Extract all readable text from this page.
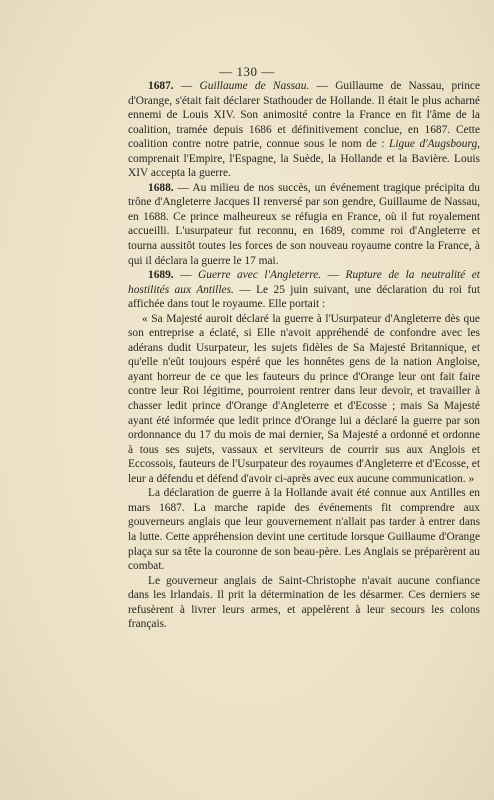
— 130 —

1687. — Guillaume de Nassau. — Guillaume de Nassau, prince d'Orange, s'était fait déclarer Stathouder de Hollande. Il était le plus acharné ennemi de Louis XIV. Son animosité contre la France en fit l'âme de la coalition, tramée depuis 1686 et définitivement conclue, en 1687. Cette coalition contre notre patrie, connue sous le nom de : Ligue d'Augsbourg, comprenait l'Empire, l'Espagne, la Suède, la Hollande et la Bavière. Louis XIV accepta la guerre.

1688. — Au milieu de nos succès, un événement tragique précipita du trône d'Angleterre Jacques II renversé par son gendre, Guillaume de Nassau, en 1688. Ce prince malheureux se réfugia en France, où il fut royalement accueilli. L'usurpateur fut reconnu, en 1689, comme roi d'Angleterre et tourna aussitôt toutes les forces de son nouveau royaume contre la France, à qui il déclara la guerre le 17 mai.

1689. — Guerre avec l'Angleterre. — Rupture de la neutralité et hostilités aux Antilles. — Le 25 juin suivant, une déclaration du roi fut affichée dans tout le royaume. Elle portait :

« Sa Majesté auroit déclaré la guerre à l'Usurpateur d'Angleterre dès que son entreprise a éclaté, si Elle n'avoit appréhendé de confondre avec les adérans dudit Usurpateur, les sujets fidèles de Sa Majesté Britannique, et qu'elle n'eût toujours espéré que les honnêtes gens de la nation Angloise, ayant horreur de ce que les fauteurs du prince d'Orange leur ont fait faire contre leur Roi légitime, pourroient rentrer dans leur devoir, et travailler à chasser ledit prince d'Orange d'Angleterre et d'Ecosse ; mais Sa Majesté ayant été informée que ledit prince d'Orange lui a déclaré la guerre par son ordonnance du 17 du mois de mai dernier, Sa Majesté a ordonné et ordonne à tous ses sujets, vassaux et serviteurs de courrir sus aux Anglois et Eccossois, fauteurs de l'Usurpateur des royaumes d'Angleterre et d'Ecosse, et leur a défendu et défend d'avoir ci-après avec eux aucune communication. »

La déclaration de guerre à la Hollande avait été connue aux Antilles en mars 1687. La marche rapide des événements fit comprendre aux gouverneurs anglais que leur gouvernement n'allait pas tarder à entrer dans la lutte. Cette appréhension devint une certitude lorsque Guillaume d'Orange plaça sur sa tête la couronne de son beau-père. Les Anglais se préparèrent au combat.

Le gouverneur anglais de Saint-Christophe n'avait aucune confiance dans les Irlandais. Il prit la détermination de les désarmer. Ces derniers se refusèrent à livrer leurs armes, et appelèrent à leur secours les colons français.
